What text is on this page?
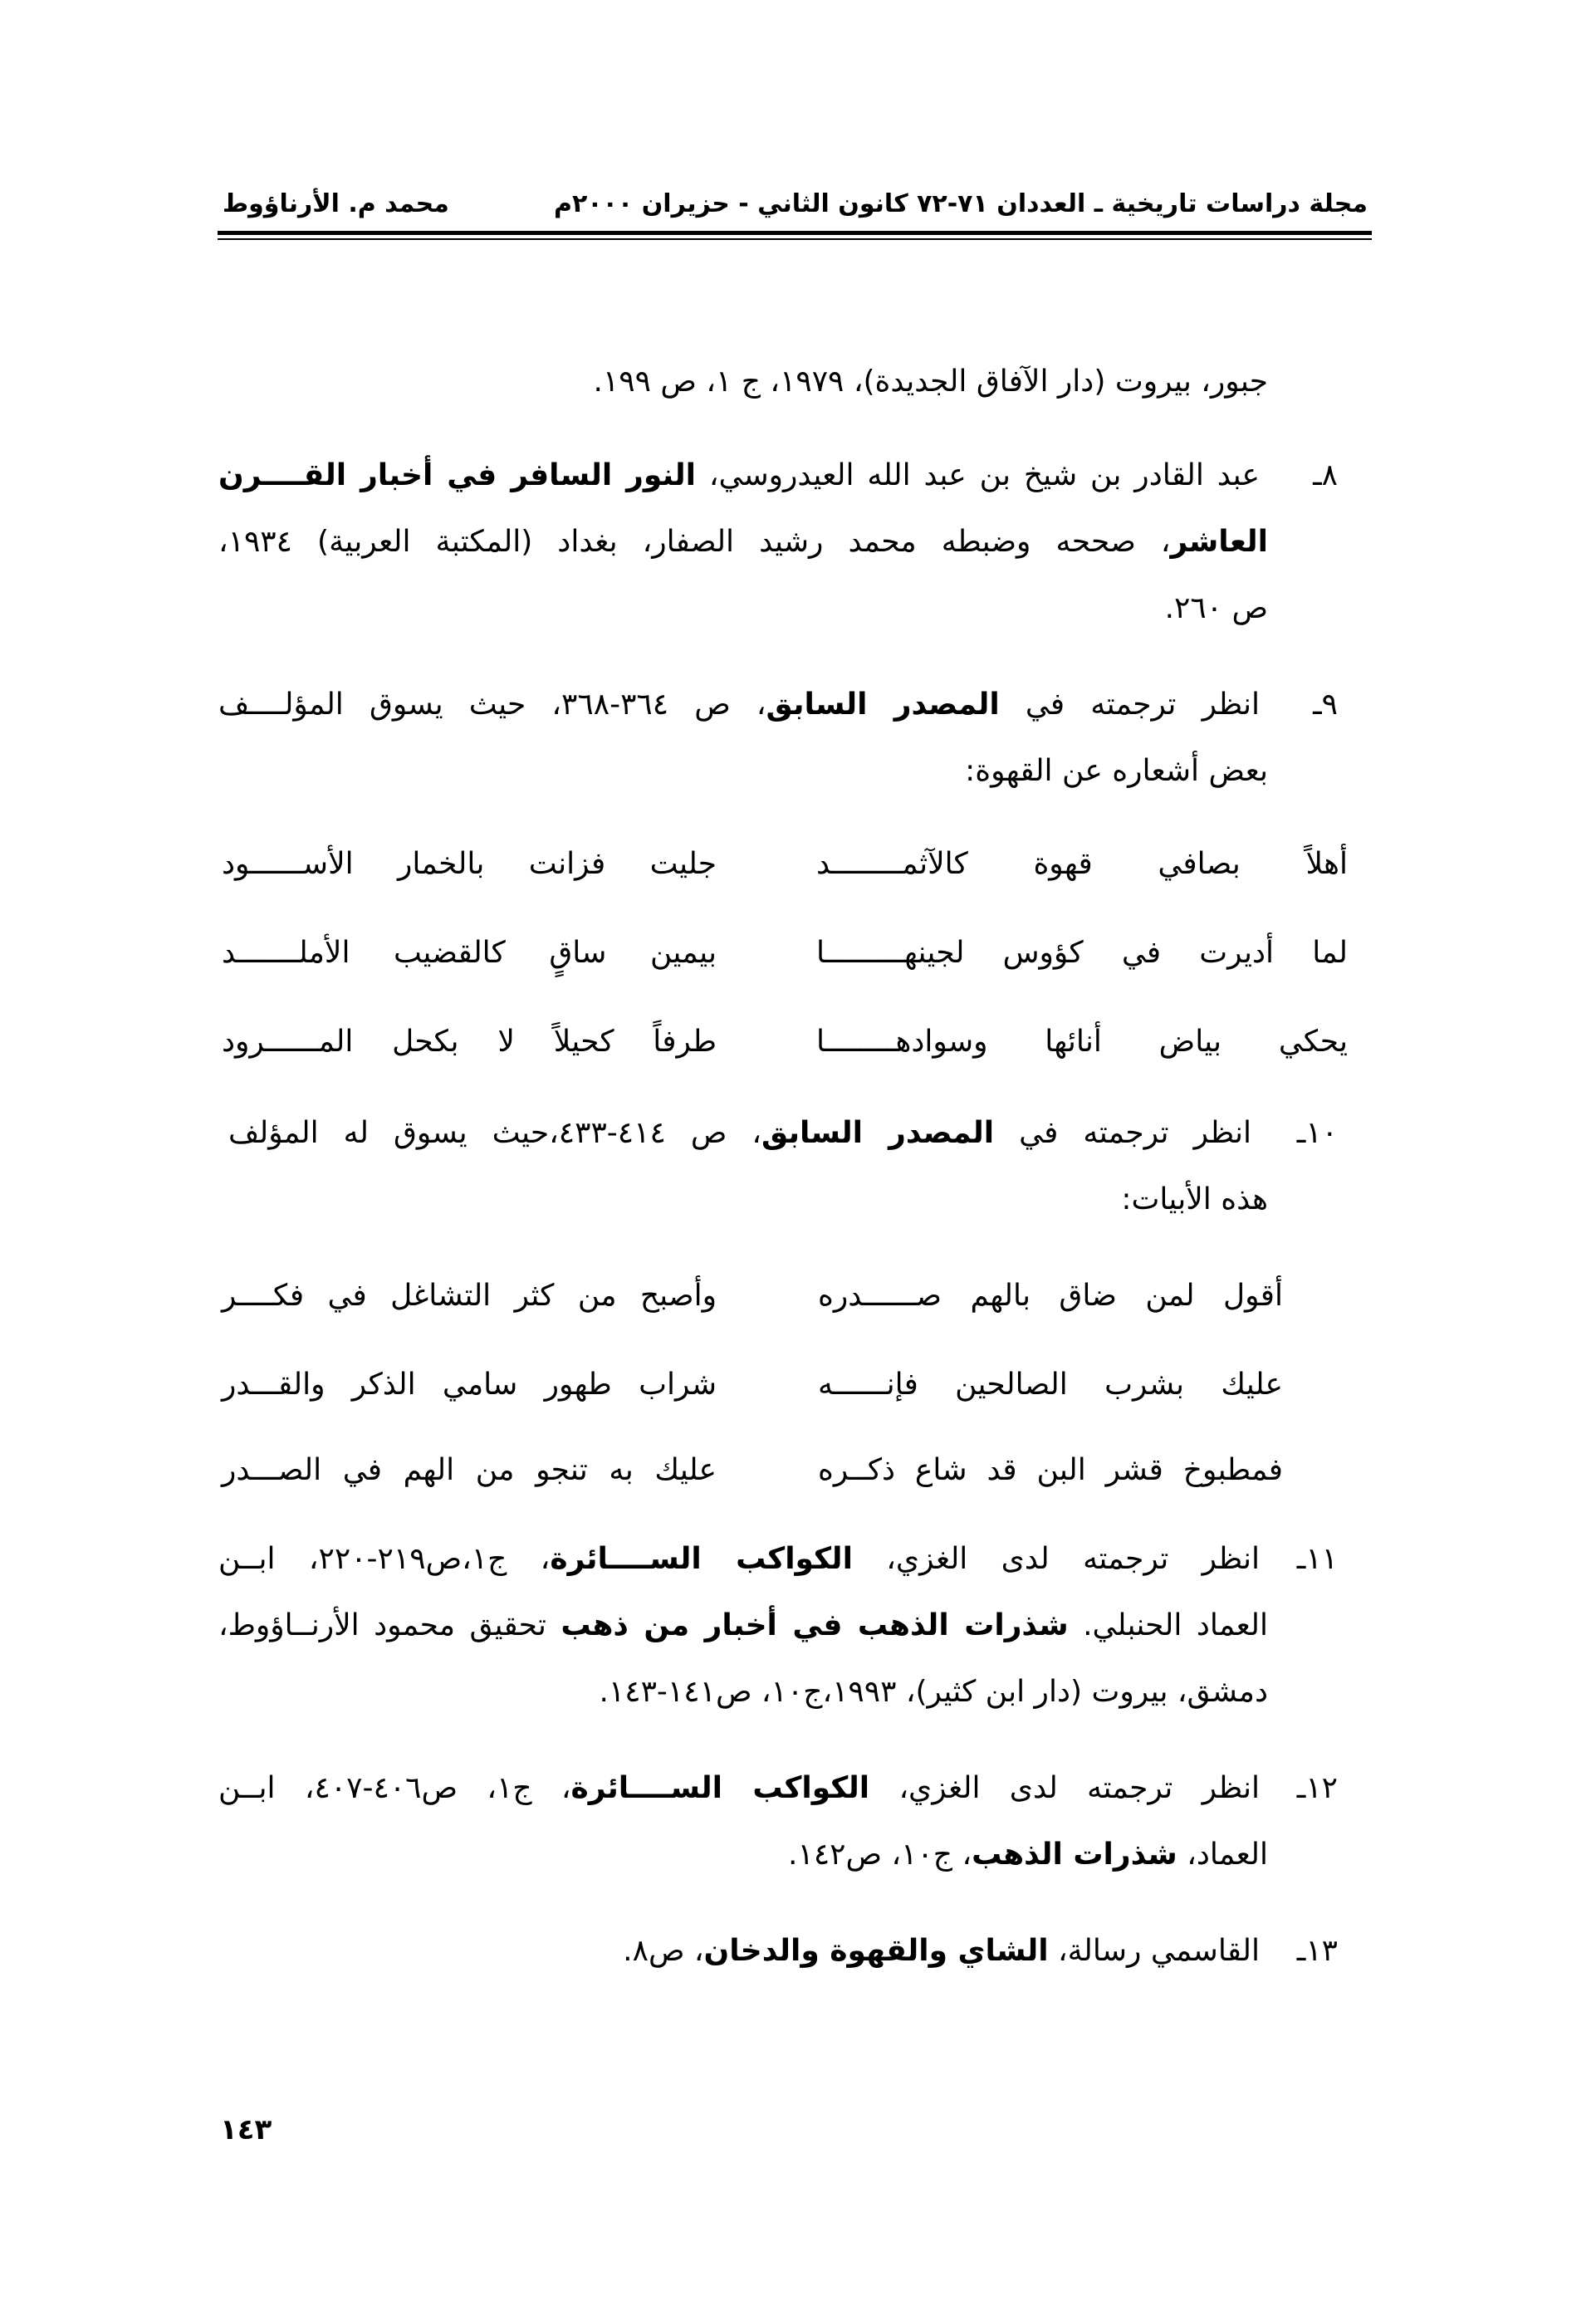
مجلة دراسات تاريخية ـ العددان ٧١-٧٢ كانون الثاني - حزيران ٢٠٠٠م
محمد م. الأرناؤوط
جبور، بيروت (دار الآفاق الجديدة)، ١٩٧٩، ج ١، ص ١٩٩.
٨ـ
عبد القادر بن شيخ بن عبد الله العيدروسي، النور السافر في أخبار القــــرن
العاشر، صححه وضبطه محمد رشيد الصفار، بغداد (المكتبة العربية) ١٩٣٤،
ص ٢٦٠.
٩ـ
انظر ترجمته في المصدر السابق، ص ٣٦٤-٣٦٨، حيث يسوق المؤلــــف
بعض أشعاره عن القهوة:
أهلاً بصافي قهوة كالآثمــــــــد
جليت فزانت بالخمار الأســــــود
لما أديرت في كؤوس لجينهـــــــــا
بيمين ساقٍ كالقضيب الأملـــــــد
يحكي بياض أنائها وسوادهــــــــا
طرفاً كحيلاً لا بكحل المــــــرود
١٠ـ
انظر ترجمته في المصدر السابق، ص ٤١٤-٤٣٣،حيث يسوق له المؤلف
هذه الأبيات:
أقول لمن ضاق بالهم صــــــدره
وأصبح من كثر التشاغل في فكــــر
عليك بشرب الصالحين فإنــــــه
شراب طهور سامي الذكر والقـــدر
فمطبوخ قشر البن قد شاع ذكــره
عليك به تنجو من الهم في الصـــدر
١١ـ
انظر ترجمته لدى الغزي، الكواكب الســــائرة، ج١،ص٢١٩-٢٢٠، ابــن
العماد الحنبلي. شذرات الذهب في أخبار من ذهب تحقيق محمود الأرنــاؤوط،
دمشق، بيروت (دار ابن كثير)، ١٩٩٣،ج١٠، ص١٤١-١٤٣.
١٢ـ
انظر ترجمته لدى الغزي، الكواكب الســــائرة، ج١، ص٤٠٦-٤٠٧، ابــن
العماد، شذرات الذهب، ج١٠، ص١٤٢.
١٣ـ
القاسمي رسالة، الشاي والقهوة والدخان، ص٨.
١٤٣
